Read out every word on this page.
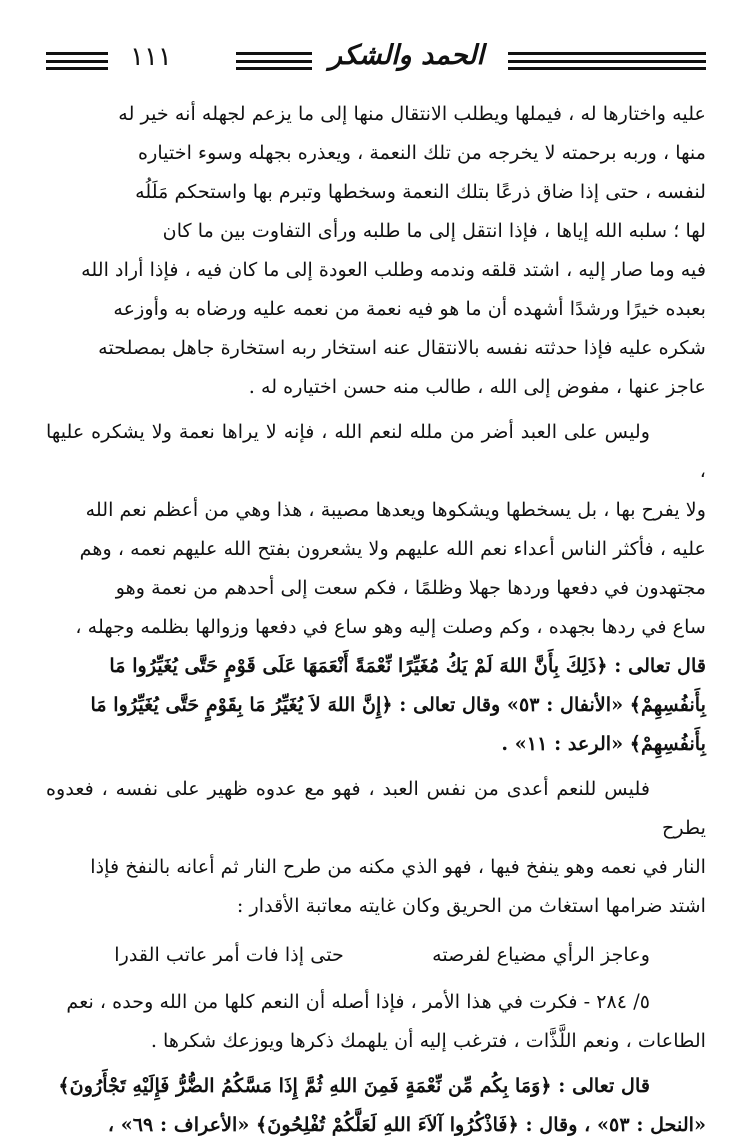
الحمد والشكر
١١١

عليه واختارها له ، فيملها ويطلب الانتقال منها إلى ما يزعم لجهله أنه خير له
منها ، وربه برحمته لا يخرجه من تلك النعمة ، ويعذره بجهله وسوء اختياره
لنفسه ، حتى إذا ضاق ذرعًا بتلك النعمة وسخطها وتبرم بها واستحكم مَلَلُه
لها ؛ سلبه الله إياها ، فإذا انتقل إلى ما طلبه ورأى التفاوت بين ما كان
فيه وما صار إليه ، اشتد قلقه وندمه وطلب العودة إلى ما كان فيه ، فإذا أراد الله
بعبده خيرًا ورشدًا أشهده أن ما هو فيه نعمة من نعمه عليه ورضاه به وأوزعه
شكره عليه فإذا حدثته نفسه بالانتقال عنه استخار ربه استخارة جاهل بمصلحته
عاجز عنها ، مفوض إلى الله ، طالب منه حسن اختياره له .

وليس على العبد أضر من ملله لنعم الله ، فإنه لا يراها نعمة ولا يشكره عليها ،
ولا يفرح بها ، بل يسخطها ويشكوها ويعدها مصيبة ، هذا وهي من أعظم نعم الله
عليه ، فأكثر الناس أعداء نعم الله عليهم ولا يشعرون بفتح الله عليهم نعمه ، وهم
مجتهدون في دفعها وردها جهلا وظلمًا ، فكم سعت إلى أحدهم من نعمة وهو
ساع في ردها بجهده ، وكم وصلت إليه وهو ساع في دفعها وزوالها بظلمه وجهله ،
قال تعالى : ﴿ذَلِكَ بِأَنَّ اللهَ لَمْ يَكُ مُغَيِّرًا نِّعْمَةً أَنْعَمَهَا عَلَى قَوْمٍ حَتَّى يُغَيِّرُوا مَا
بِأَنفُسِهِمْ﴾ «الأنفال : ٥٣» وقال تعالى : ﴿إِنَّ اللهَ لاَ يُغَيِّرُ مَا بِقَوْمٍ حَتَّى يُغَيِّرُوا مَا
بِأَنفُسِهِمْ﴾ «الرعد : ١١» .

فليس للنعم أعدى من نفس العبد ، فهو مع عدوه ظهير على نفسه ، فعدوه يطرح
النار في نعمه وهو ينفخ فيها ، فهو الذي مكنه من طرح النار ثم أعانه بالنفخ فإذا
اشتد ضرامها استغاث من الحريق وكان غايته معاتبة الأقدار :

وعاجز الرأي مضياع لفرصته حتى إذا فات أمر عاتب القدرا

٥/ ٢٨٤ - فكرت في هذا الأمر ، فإذا أصله أن النعم كلها من الله وحده ، نعم
الطاعات ، ونعم اللَّذَّات ، فترغب إليه أن يلهمك ذكرها ويوزعك شكرها .

قال تعالى : ﴿وَمَا بِكُم مِّن نِّعْمَةٍ فَمِنَ اللهِ ثُمَّ إِذَا مَسَّكُمُ الضُّرُّ فَإِلَيْهِ تَجْأَرُونَ﴾
«النحل : ٥٣» ، وقال : ﴿فَاذْكُرُوا آلاَءَ اللهِ لَعَلَّكُمْ تُفْلِحُونَ﴾ «الأعراف : ٦٩» ،
